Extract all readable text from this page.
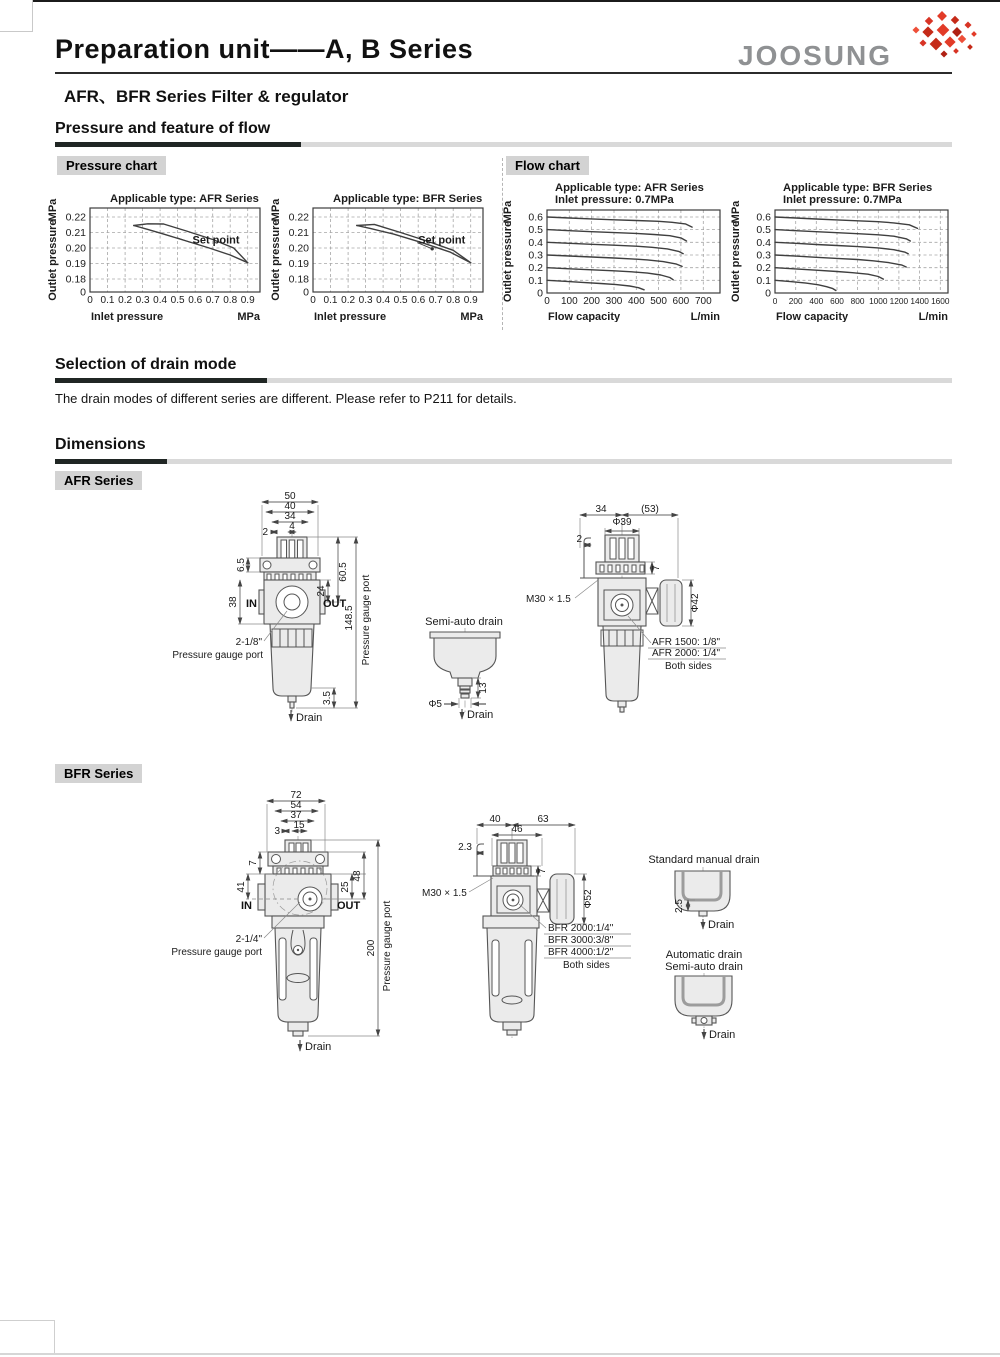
Preparation unit——A, B Series	JOOSUNG
AFR、BFR Series Filter & regulator
Pressure and feature of flow
Pressure chart	Flow chart
0 0.1 0.2 0.3 0.4 0.5 0.6 0.7 0.8 0.9
0
0.18
0.19
0.20
0.21
0.22
Set point
Applicable type: AFR Series
Inlet pressure	MPa
Outlet pressure
MPa
0 0.1 0.2 0.3 0.4 0.5 0.6 0.7 0.8 0.9
0
0.18
0.19
0.20
0.21
0.22
Set point
Applicable type: BFR Series
Inlet pressure	MPa
Outlet pressure
MPa
0 100 200 300 400 500 600 700
0
0.1
0.2
0.3
0.4
0.5
0.6
Applicable type: AFR Series
Inlet pressure: 0.7MPa
Flow capacity	L/min
Outlet pressure
MPa
0 200 400 600 800 1000 1200 1400 1600
0
0.1
0.2
0.3
0.4
0.5
0.6
Applicable type: BFR Series
Inlet pressure: 0.7MPa
Flow capacity	L/min
Outlet pressure
MPa
Selection of drain mode
The drain modes of different series are different. Please refer to P211 for details.
Dimensions
AFR Series
BFR Series
50
40
34
2
4
6.5
38
60.5
24
148.5 Pressure gauge port
3.5
IN	OUT
2-1/8"
Pressure gauge port
Drain
Semi-auto drain
Φ5
13
Drain
34	(53)
Φ39
2
7
M30 × 1.5	Φ42
AFR 1500: 1/8"
AFR 2000: 1/4"
Both sides
72
54
37
3
15
7
41	25
48
200 Pressure gauge port
IN	OUT
2-1/4"
Pressure gauge port
Drain
40	63
46
2.3
7
M30 × 1.5	Φ52
BFR 2000:1/4"
BFR 3000:3/8"
BFR 4000:1/2"
Both sides
Standard manual drain
2.5
Drain
Automatic drain
Semi-auto drain
Drain
